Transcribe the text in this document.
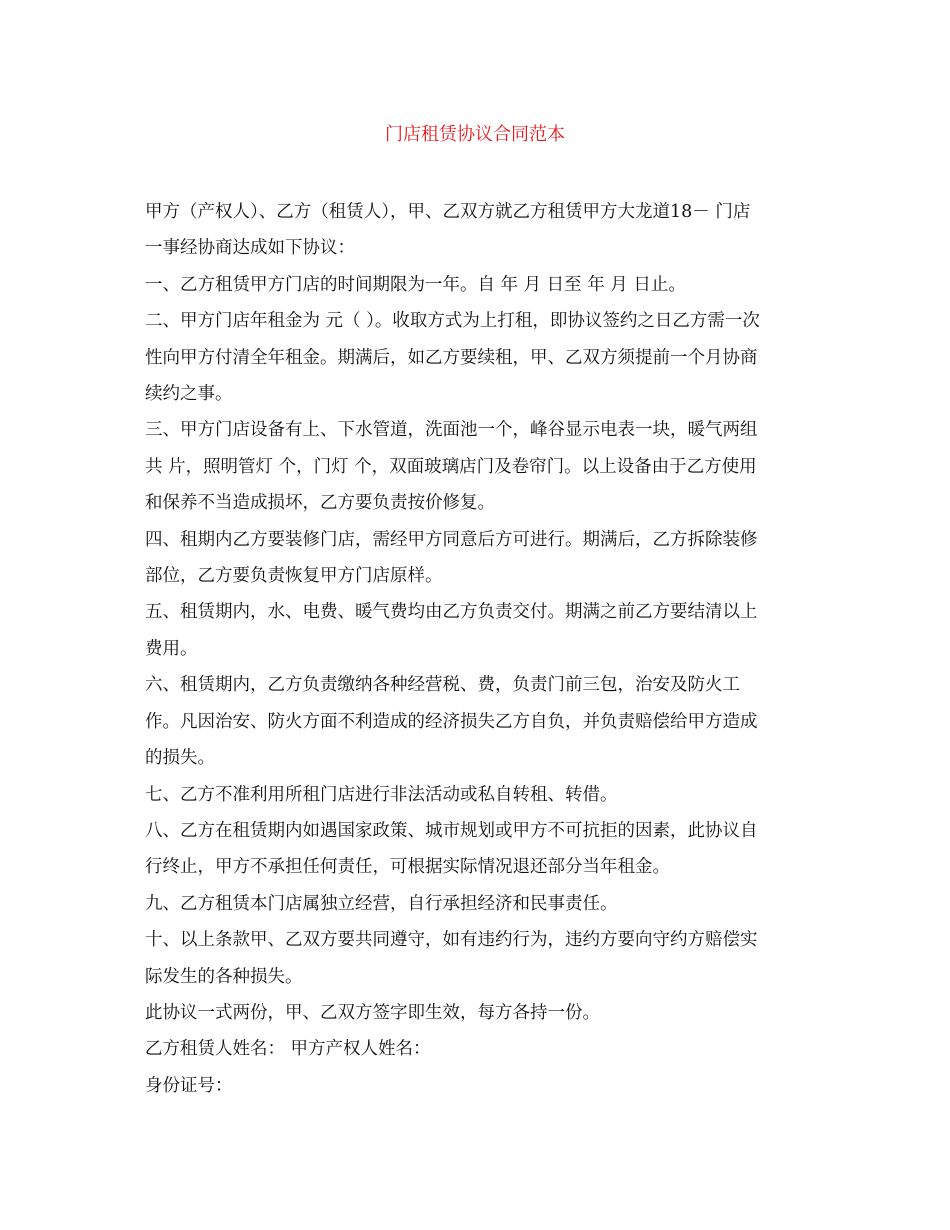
门店租赁协议合同范本
甲方（产权人）、乙方（租赁人），甲、乙双方就乙方租赁甲方大龙道18－ 门店
一事经协商达成如下协议：
一、乙方租赁甲方门店的时间期限为一年。自 年 月 日至 年 月 日止。
二、甲方门店年租金为 元（ ）。收取方式为上打租，即协议签约之日乙方需一次
性向甲方付清全年租金。期满后，如乙方要续租，甲、乙双方须提前一个月协商
续约之事。
三、甲方门店设备有上、下水管道，洗面池一个，峰谷显示电表一块，暖气两组
共 片，照明管灯 个，门灯 个，双面玻璃店门及卷帘门。以上设备由于乙方使用
和保养不当造成损坏，乙方要负责按价修复。
四、租期内乙方要装修门店，需经甲方同意后方可进行。期满后，乙方拆除装修
部位，乙方要负责恢复甲方门店原样。
五、租赁期内，水、电费、暖气费均由乙方负责交付。期满之前乙方要结清以上
费用。
六、租赁期内，乙方负责缴纳各种经营税、费，负责门前三包，治安及防火工
作。凡因治安、防火方面不利造成的经济损失乙方自负，并负责赔偿给甲方造成
的损失。
七、乙方不准利用所租门店进行非法活动或私自转租、转借。
八、乙方在租赁期内如遇国家政策、城市规划或甲方不可抗拒的因素，此协议自
行终止，甲方不承担任何责任，可根据实际情况退还部分当年租金。
九、乙方租赁本门店属独立经营，自行承担经济和民事责任。
十、以上条款甲、乙双方要共同遵守，如有违约行为，违约方要向守约方赔偿实
际发生的各种损失。
此协议一式两份，甲、乙双方签字即生效，每方各持一份。
乙方租赁人姓名： 甲方产权人姓名：
身份证号：
